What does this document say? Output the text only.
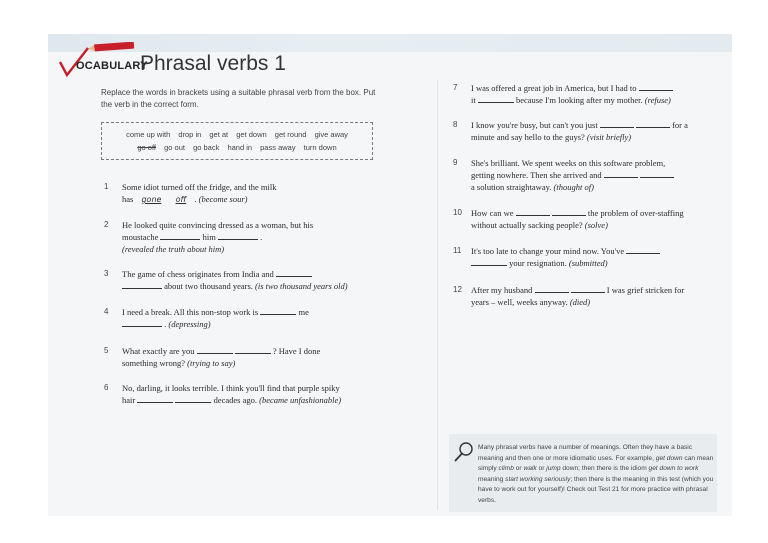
OCABULARY
Phrasal verbs 1
Replace the words in brackets using a suitable phrasal verb from the box. Put the verb in the correct form.
come up with drop in get at get down get round give away
go off go out go back hand in pass away turn down
1	Some idiot turned off the fridge, and the milk
has gone off . (become sour)
2	He looked quite convincing dressed as a woman, but his
moustache	him	.
(revealed the truth about him)
3	The game of chess originates from India and
about two thousand years. (is two thousand years old)
4	I need a break. All this non-stop work is	me
. (depressing)
5	What exactly are you	? Have I done
something wrong? (trying to say)
6	No, darling, it looks terrible. I think you'll find that purple spiky
hair	decades ago. (became unfashionable)
7	I was offered a great job in America, but I had to
it	because I'm looking after my mother. (refuse)
8	I know you're busy, but can't you just	for a
minute and say hello to the guys? (visit briefly)
9	She's brilliant. We spent weeks on this software problem,
getting nowhere. Then she arrived and
a solution straightaway. (thought of)
10	How can we	the problem of over-staffing
without actually sacking people? (solve)
11	It's too late to change your mind now. You've
your resignation. (submitted)
12	After my husband	I was grief stricken for
years – well, weeks anyway. (died)
Many phrasal verbs have a number of meanings. Often they have a basic meaning and then one or more idiomatic uses. For example, get down can mean simply climb or walk or jump down; then there is the idiom get down to work meaning start working seriously; then there is the meaning in this test (which you have to work out for yourself)! Check out Test 21 for more practice with phrasal verbs.
